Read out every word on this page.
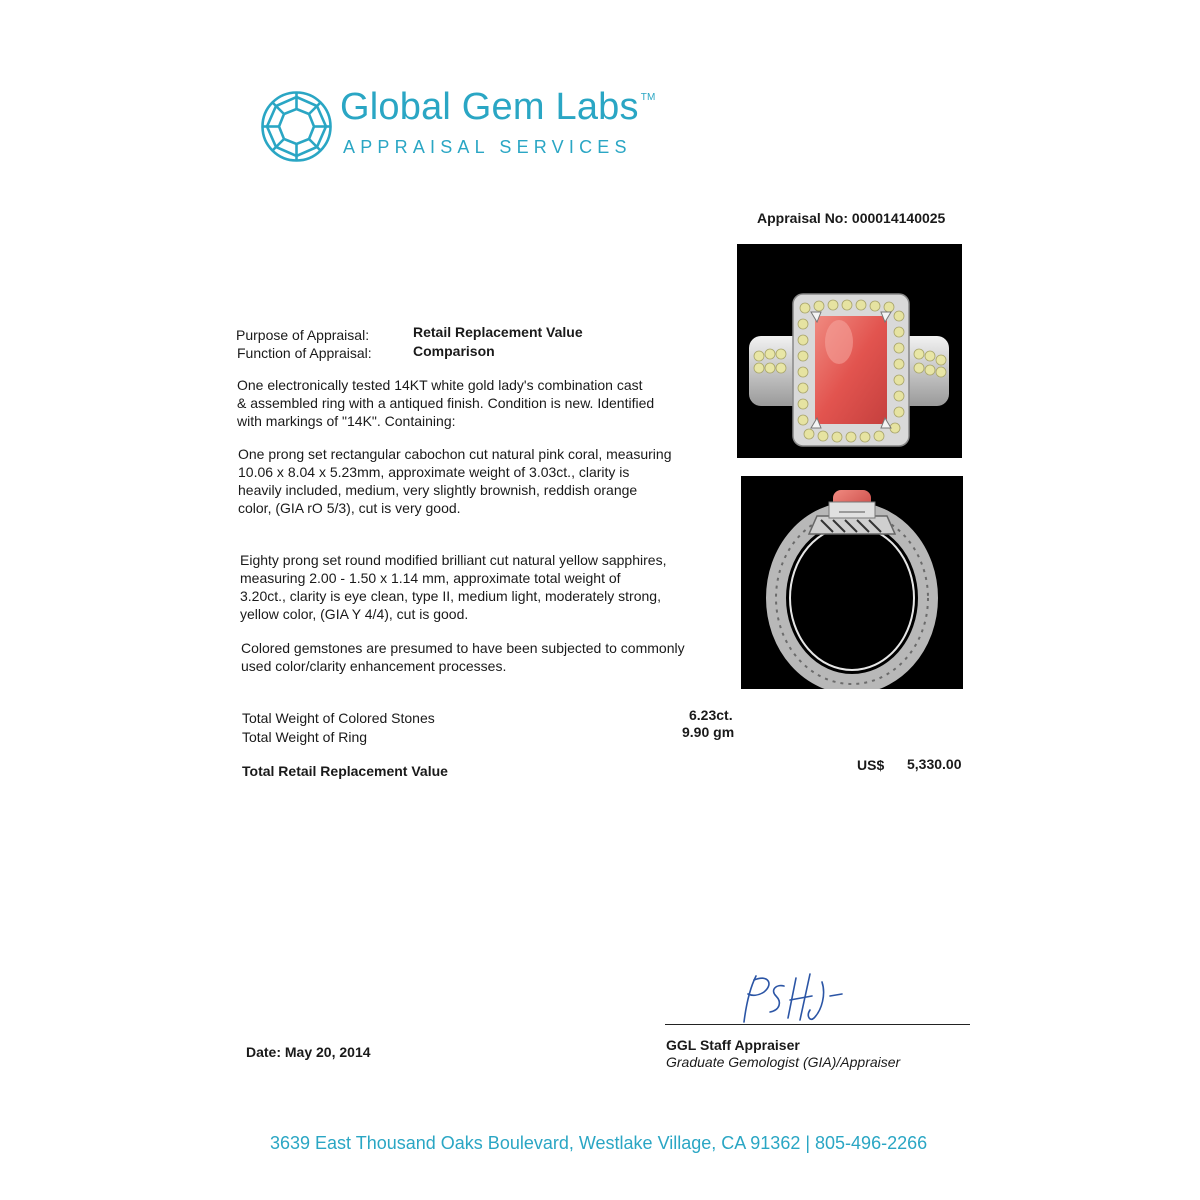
Global Gem Labs ™
APPRAISAL SERVICES
Appraisal No: 000014140025
Purpose of Appraisal:	Retail Replacement Value
Function of Appraisal:	Comparison
One electronically tested 14KT white gold lady's combination cast
& assembled ring with a antiqued finish. Condition is new. Identified
with markings of "14K". Containing:
One prong set rectangular cabochon cut natural pink coral, measuring
10.06 x 8.04 x 5.23mm, approximate weight of 3.03ct., clarity is
heavily included, medium, very slightly brownish, reddish orange
color, (GIA rO 5/3), cut is very good.
Eighty prong set round modified brilliant cut natural yellow sapphires,
measuring 2.00 - 1.50 x 1.14 mm, approximate total weight of
3.20ct., clarity is eye clean, type II, medium light, moderately strong,
yellow color, (GIA Y 4/4), cut is good.
Colored gemstones are presumed to have been subjected to commonly
used color/clarity enhancement processes.
Total Weight of Colored Stones	6.23ct.
Total Weight of Ring	9.90 gm
Total Retail Replacement Value	US$ 5,330.00
GGL Staff Appraiser
Graduate Gemologist (GIA)/Appraiser
Date: May 20, 2014
3639 East Thousand Oaks Boulevard, Westlake Village, CA 91362 | 805-496-2266
